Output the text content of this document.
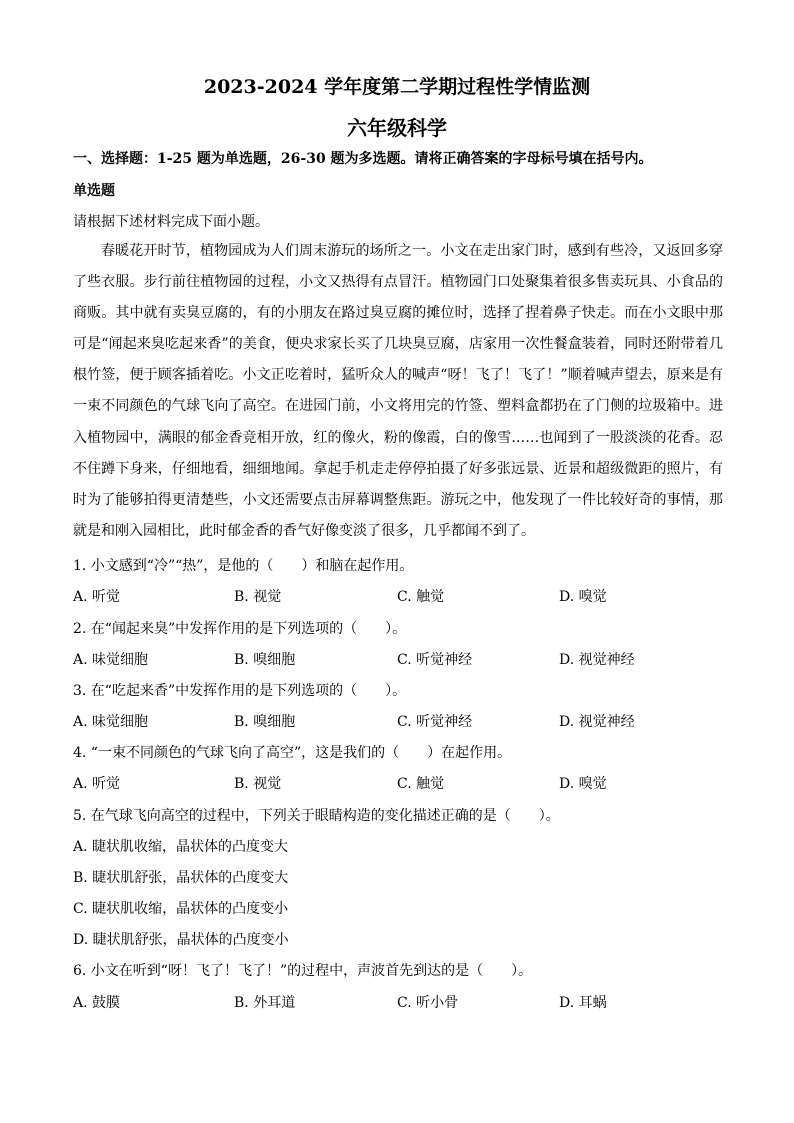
2023-2024 学年度第二学期过程性学情监测
六年级科学
一、选择题：1-25 题为单选题，26-30 题为多选题。请将正确答案的字母标号填在括号内。
单选题
请根据下述材料完成下面小题。
春暖花开时节，植物园成为人们周末游玩的场所之一。小文在走出家门时，感到有些冷，又返回多穿了些衣服。步行前往植物园的过程，小文又热得有点冒汗。植物园门口处聚集着很多售卖玩具、小食品的商贩。其中就有卖臭豆腐的，有的小朋友在路过臭豆腐的摊位时，选择了捏着鼻子快走。而在小文眼中那可是“闻起来臭吃起来香”的美食，便央求家长买了几块臭豆腐，店家用一次性餐盒装着，同时还附带着几根竹签，便于顾客插着吃。小文正吃着时，猛听众人的喊声“呀！飞了！飞了！”顺着喊声望去，原来是有一束不同颜色的气球飞向了高空。在进园门前，小文将用完的竹签、塑料盒都扔在了门侧的垃圾箱中。进入植物园中，满眼的郁金香竞相开放，红的像火，粉的像霞，白的像雪……也闻到了一股淡淡的花香。忍不住蹲下身来，仔细地看，细细地闻。拿起手机走走停停拍摄了好多张远景、近景和超级微距的照片，有时为了能够拍得更清楚些，小文还需要点击屏幕调整焦距。游玩之中，他发现了一件比较好奇的事情，那就是和刚入园相比，此时郁金香的香气好像变淡了很多，几乎都闻不到了。
1. 小文感到“冷”“热”，是他的（　　）和脑在起作用。
A. 听觉	B. 视觉	C. 触觉	D. 嗅觉
2. 在“闻起来臭”中发挥作用的是下列选项的（　　）。
A. 味觉细胞	B. 嗅细胞	C. 听觉神经	D. 视觉神经
3. 在“吃起来香”中发挥作用的是下列选项的（　　）。
A. 味觉细胞	B. 嗅细胞	C. 听觉神经	D. 视觉神经
4. “一束不同颜色的气球飞向了高空”，这是我们的（　　）在起作用。
A. 听觉	B. 视觉	C. 触觉	D. 嗅觉
5. 在气球飞向高空的过程中，下列关于眼睛构造的变化描述正确的是（　　）。
A. 睫状肌收缩，晶状体的凸度变大
B. 睫状肌舒张，晶状体的凸度变大
C. 睫状肌收缩，晶状体的凸度变小
D. 睫状肌舒张，晶状体的凸度变小
6. 小文在听到“呀！飞了！飞了！”的过程中，声波首先到达的是（　　）。
A. 鼓膜	B. 外耳道	C. 听小骨	D. 耳蜗
